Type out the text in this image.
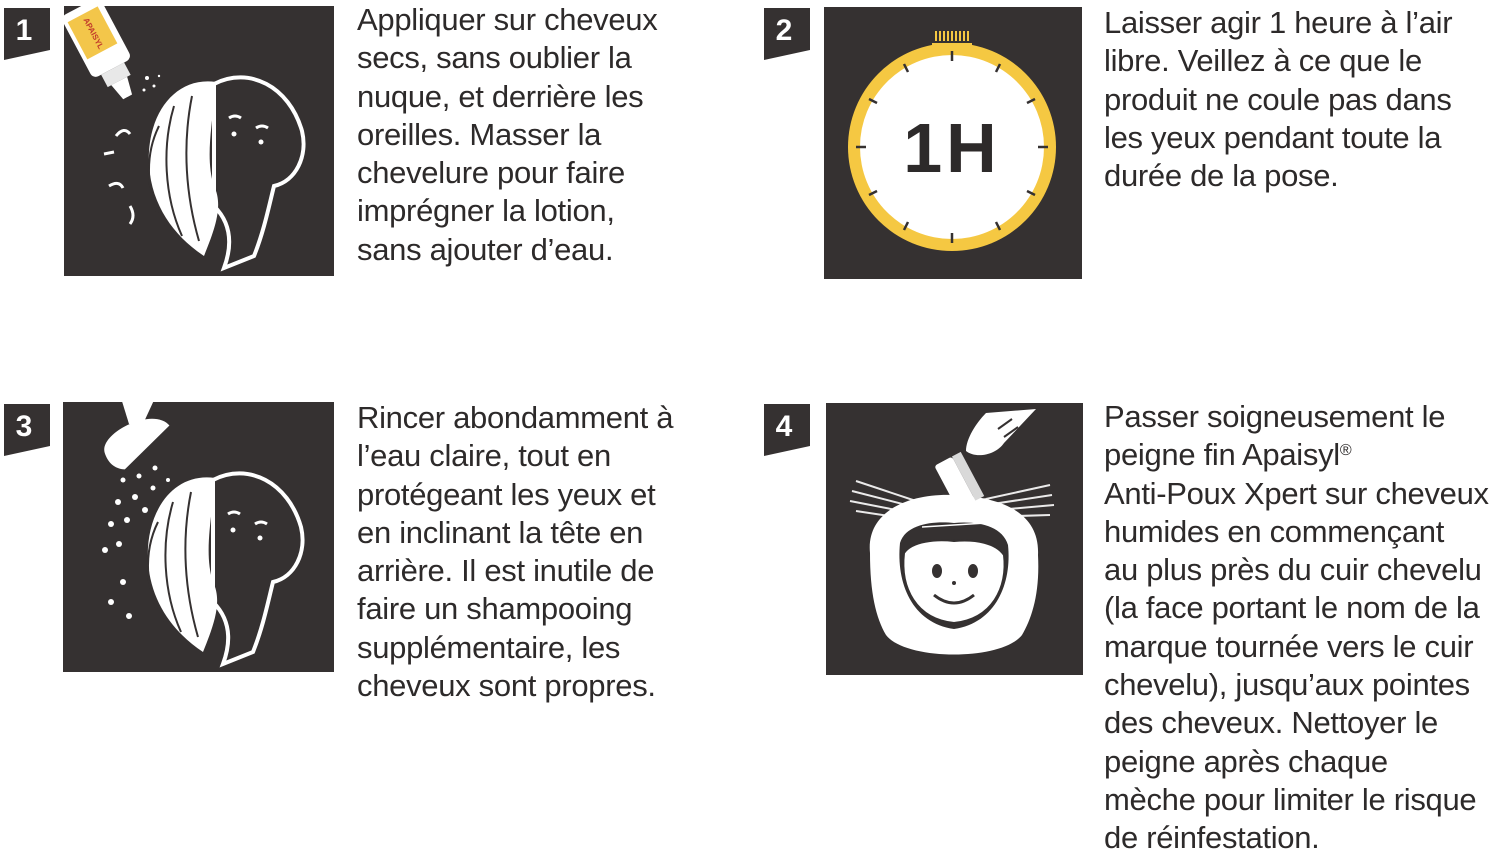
1	APAISYL	Appliquer sur cheveux
secs, sans oublier la
nuque, et derrière les
oreilles. Masser la
chevelure pour faire
imprégner la lotion,
sans ajouter d’eau.
2
1H
Laisser agir 1 heure à l’air
libre. Veillez à ce que le
produit ne coule pas dans
les yeux pendant toute la
durée de la pose.
3	Rincer abondamment à
l’eau claire, tout en
protégeant les yeux et
en inclinant la tête en
arrière. Il est inutile de
faire un shampooing
supplémentaire, les
cheveux sont propres.
4	Passer soigneusement le
peigne fin Apaisyl®
Anti-Poux Xpert sur cheveux
humides en commençant
au plus près du cuir chevelu
(la face portant le nom de la
marque tournée vers le cuir
chevelu), jusqu’aux pointes
des cheveux. Nettoyer le
peigne après chaque
mèche pour limiter le risque
de réinfestation.
